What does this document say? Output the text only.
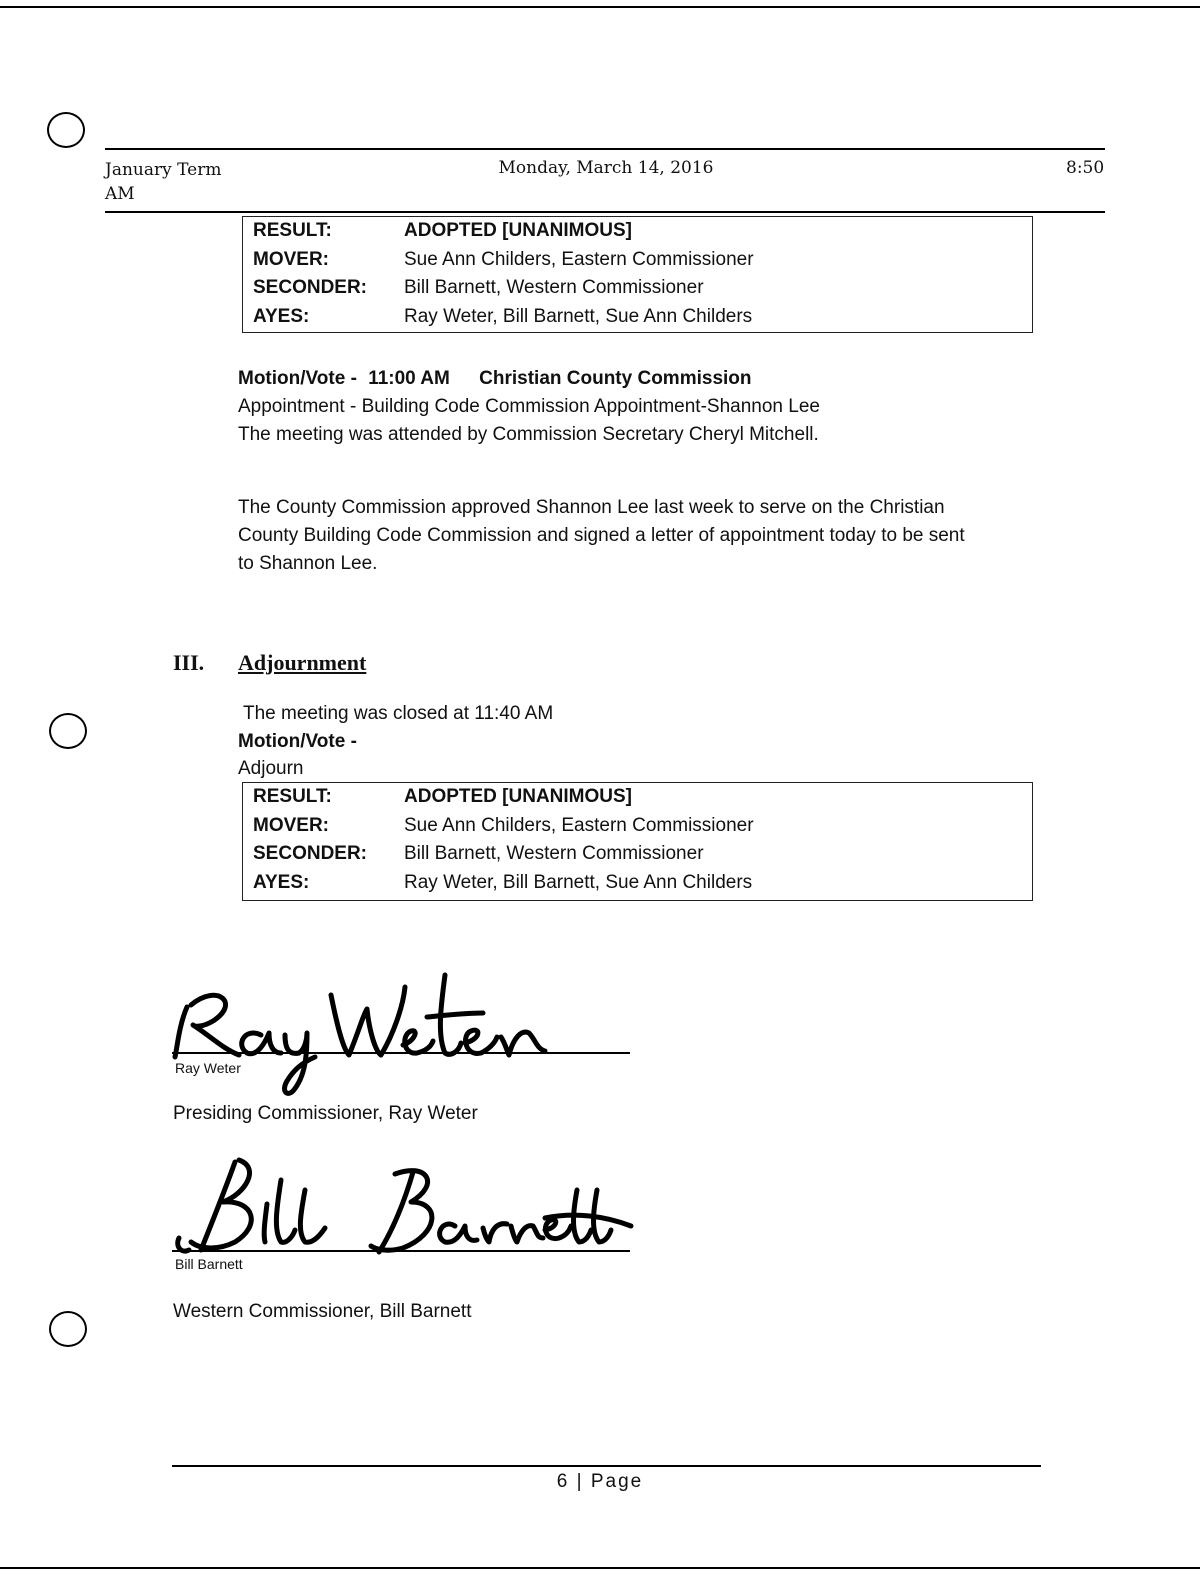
January Term
AM
Monday, March 14, 2016	8:50
RESULT:	ADOPTED [UNANIMOUS]
MOVER:	Sue Ann Childers, Eastern Commissioner
SECONDER: Bill Barnett, Western Commissioner
AYES:	Ray Weter, Bill Barnett, Sue Ann Childers
Motion/Vote - 11:00 AM Christian County Commission
Appointment - Building Code Commission Appointment-Shannon Lee
The meeting was attended by Commission Secretary Cheryl Mitchell.
The County Commission approved Shannon Lee last week to serve on the Christian
County Building Code Commission and signed a letter of appointment today to be sent
to Shannon Lee.
III. Adjournment
The meeting was closed at 11:40 AM
Motion/Vote -
Adjourn
RESULT:	ADOPTED [UNANIMOUS]
MOVER:	Sue Ann Childers, Eastern Commissioner
SECONDER: Bill Barnett, Western Commissioner
AYES:	Ray Weter, Bill Barnett, Sue Ann Childers
Ray Weter
Presiding Commissioner, Ray Weter
Bill Barnett
Western Commissioner, Bill Barnett
6 | Page
